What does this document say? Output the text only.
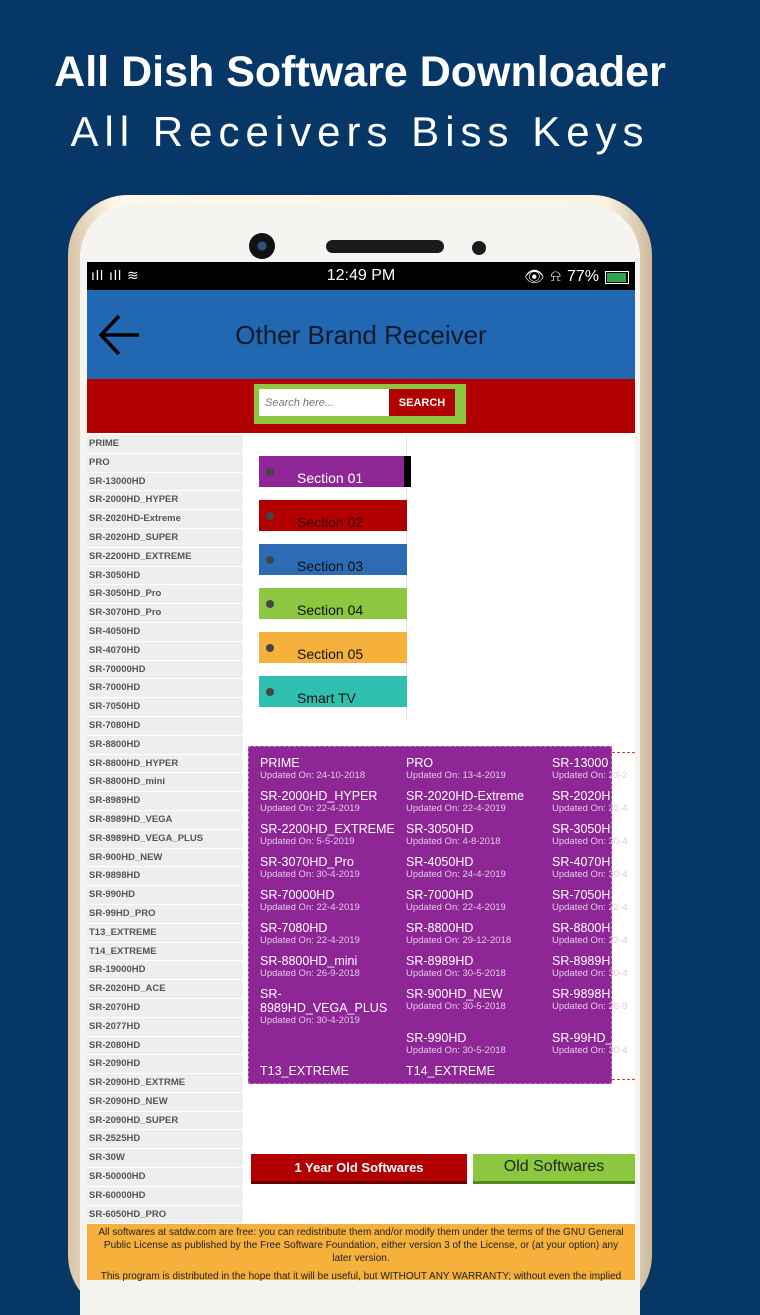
All Dish Software Downloader
All Receivers Biss Keys
ıll ıll ≋	12:49 PM	👁 ⍾ 77%
Other Brand Receiver
Search here...
SEARCH
PRIME
PRO
SR-13000HD
SR-2000HD_HYPER
SR-2020HD-Extreme
SR-2020HD_SUPER
SR-2200HD_EXTREME
SR-3050HD
SR-3050HD_Pro
SR-3070HD_Pro
SR-4050HD
SR-4070HD
SR-70000HD
SR-7000HD
SR-7050HD
SR-7080HD
SR-8800HD
SR-8800HD_HYPER
SR-8800HD_mini
SR-8989HD
SR-8989HD_VEGA
SR-8989HD_VEGA_PLUS
SR-900HD_NEW
SR-9898HD
SR-990HD
SR-99HD_PRO
T13_EXTREME
T14_EXTREME
SR-19000HD
SR-2020HD_ACE
SR-2070HD
SR-2077HD
SR-2080HD
SR-2090HD
SR-2090HD_EXTRME
SR-2090HD_NEW
SR-2090HD_SUPER
SR-2525HD
SR-30W
SR-50000HD
SR-60000HD
SR-6050HD_PRO
Section 01
Section 02
Section 03
Section 04
Section 05
Smart TV
PRIME
Updated On: 24-10-2018
PRO
Updated On: 13-4-2019
SR-13000
Updated On: 23-2
SR-2000HD_HYPER
Updated On: 22-4-2019
SR-2020HD-Extreme
Updated On: 22-4-2019
SR-2020H
Updated On: 22-4
SR-2200HD_EXTREME
Updated On: 5-5-2019
SR-3050HD
Updated On: 4-8-2018
SR-3050H
Updated On: 30-4
SR-3070HD_Pro
Updated On: 30-4-2019
SR-4050HD
Updated On: 24-4-2019
SR-4070H
Updated On: 30-4
SR-70000HD
Updated On: 22-4-2019
SR-7000HD
Updated On: 22-4-2019
SR-7050H
Updated On: 22-4
SR-7080HD
Updated On: 22-4-2019
SR-8800HD
Updated On: 29-12-2018
SR-8800H
Updated On: 22-4
SR-8800HD_mini
Updated On: 26-9-2018
SR-8989HD
Updated On: 30-5-2018
SR-8989H
Updated On: 30-4
SR-8989HD_VEGA_PLUS
Updated On: 30-4-2019
SR-900HD_NEW
Updated On: 30-5-2018
SR-9898H
Updated On: 26-9
SR-990HD
Updated On: 30-5-2018
SR-99HD_
Updated On: 30-4
T13_EXTREME	T14_EXTREME
1 Year Old Softwares	Old Softwares
All softwares at satdw.com are free: you can redistribute them and/or modify them under the terms of the GNU General Public License as published by the Free Software Foundation, either version 3 of the License, or (at your option) any later version.
This program is distributed in the hope that it will be useful, but WITHOUT ANY WARRANTY; without even the implied
